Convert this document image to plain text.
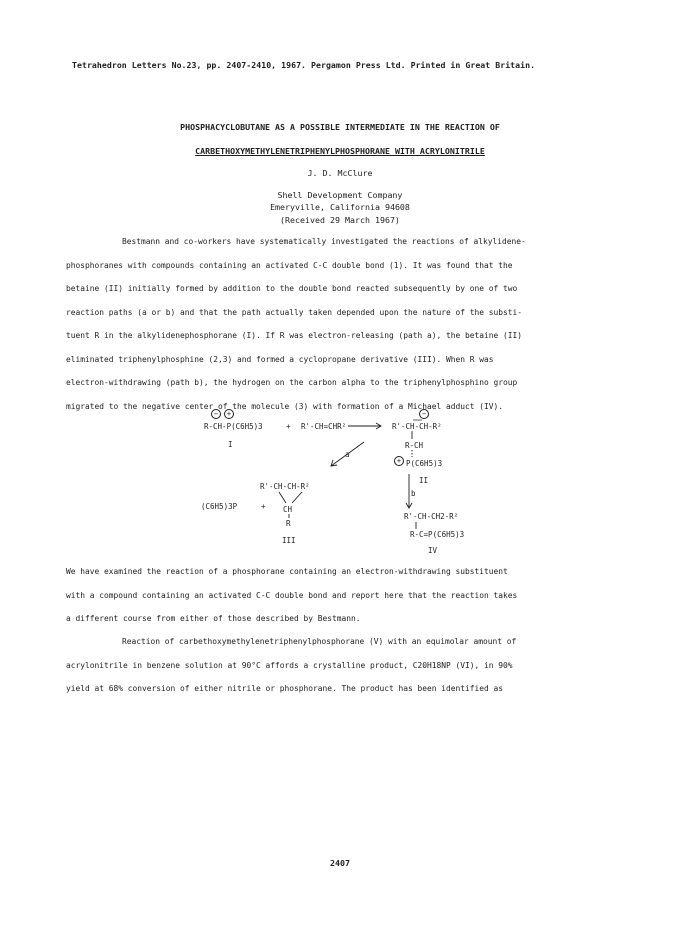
Tetrahedron Letters No.23, pp. 2407-2410, 1967. Pergamon Press Ltd. Printed in Great Britain.
PHOSPHACYCLOBUTANE AS A POSSIBLE INTERMEDIATE IN THE REACTION OF
CARBETHOXYMETHYLENETRIPHENYLPHOSPHORANE WITH ACRYLONITRILE
J. D. McClure
Shell Development Company
Emeryville, California 94608
(Received 29 March 1967)
Bestmann and co-workers have systematically investigated the reactions of alkylidene-
phosphoranes with compounds containing an activated C-C double bond (1). It was found that the
betaine (II) initially formed by addition to the double bond reacted subsequently by one of two
reaction paths (a or b) and that the path actually taken depended upon the nature of the substi-
tuent R in the alkylidenephosphorane (I). If R was electron-releasing (path a), the betaine (II)
eliminated triphenylphosphine (2,3) and formed a cyclopropane derivative (III). When R was
electron-withdrawing (path b), the hydrogen on the carbon alpha to the triphenylphosphino group
migrated to the negative center of the molecule (3) with formation of a Michael adduct (IV).
−	+
R-CH-P(C6H5)3	+ R'-CH=CHR²
I
−
R'-CH-CH-R²
R-CH
+ P(C6H5)3
II
b
a
R'-CH-CH-R²
CH
R
III
(C6H5)3P	+
R'-CH-CH2-R²
R-C=P(C6H5)3
IV
We have examined the reaction of a phosphorane containing an electron-withdrawing substituent
with a compound containing an activated C-C double bond and report here that the reaction takes
a different course from either of those described by Bestmann.
Reaction of carbethoxymethylenetriphenylphosphorane (V) with an equimolar amount of
acrylonitrile in benzene solution at 90°C affords a crystalline product, C20H18NP (VI), in 90%
yield at 68% conversion of either nitrile or phosphorane. The product has been identified as
2407
